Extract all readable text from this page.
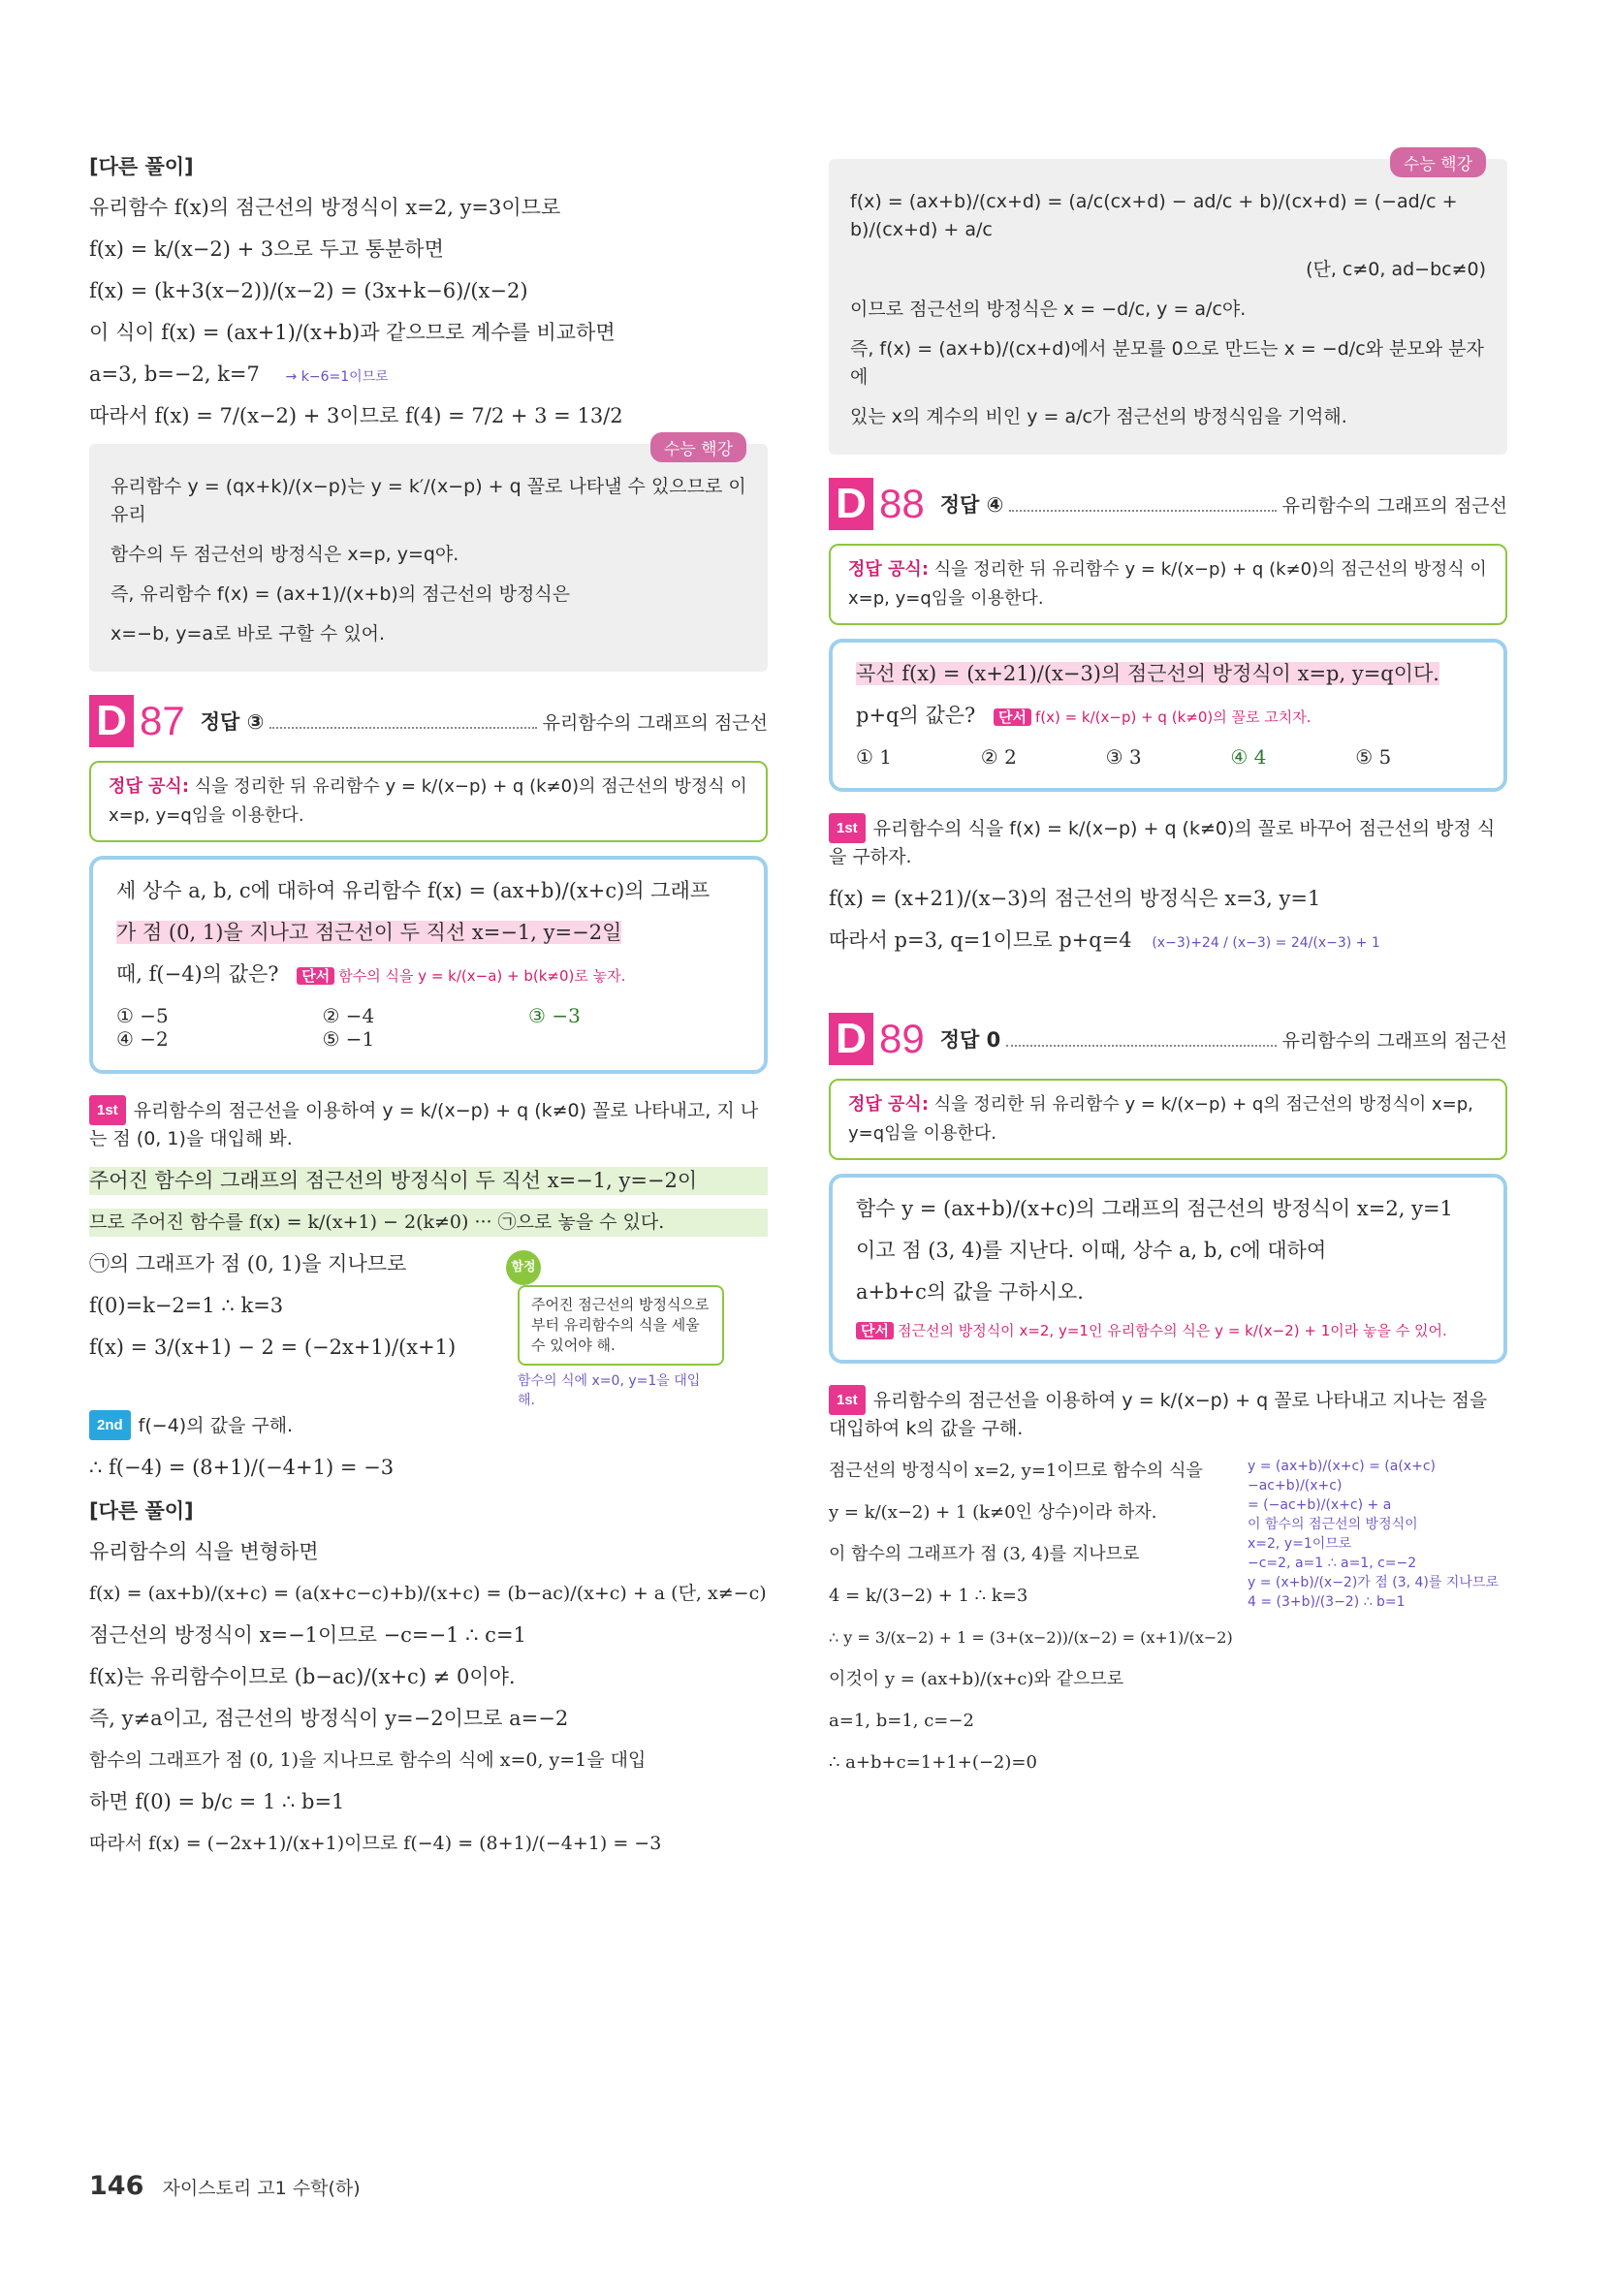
[다른 풀이]
유리함수 f(x)의 점근선의 방정식이 x=2, y=3이므로
f(x) = k/(x−2) + 3으로 두고 통분하면
f(x) = (k+3(x−2))/(x−2) = (3x+k−6)/(x−2)
이 식이 f(x) = (ax+1)/(x+b)과 같으므로 계수를 비교하면
a=3, b=−2, k=7 → k−6=1이므로
따라서 f(x) = 7/(x−2) + 3이므로 f(4) = 7/2 + 3 = 13/2
수능 핵강
유리함수 y = (qx+k)/(x−p)는 y = k′/(x−p) + q 꼴로 나타낼 수 있으므로 이 유리
함수의 두 점근선의 방정식은 x=p, y=q야.
즉, 유리함수 f(x) = (ax+1)/(x+b)의 점근선의 방정식은
x=−b, y=a로 바로 구할 수 있어.
D 87 정답 ③	유리함수의 그래프의 점근선
정답 공식: 식을 정리한 뒤 유리함수 y = k/(x−p) + q (k≠0)의 점근선의 방정식 이 x=p, y=q임을 이용한다.
세 상수 a, b, c에 대하여 유리함수 f(x) = (ax+b)/(x+c)의 그래프
가 점 (0, 1)을 지나고 점근선이 두 직선 x=−1, y=−2일
때, f(−4)의 값은? 단서 함수의 식을 y = k/(x−a) + b(k≠0)로 놓자.
① −5	② −4	③ −3
④ −2	⑤ −1
1st 유리함수의 점근선을 이용하여 y = k/(x−p) + q (k≠0) 꼴로 나타내고, 지 나는 점 (0, 1)을 대입해 봐.
주어진 함수의 그래프의 점근선의 방정식이 두 직선 x=−1, y=−2이
므로 주어진 함수를 f(x) = k/(x+1) − 2(k≠0) ··· ㉠으로 놓을 수 있다.
㉠의 그래프가 점 (0, 1)을 지나므로
f(0)=k−2=1 ∴ k=3
f(x) = 3/(x+1) − 2 = (−2x+1)/(x+1)
함정
주어진 점근선의 방정식으로부터 유리함수의 식을 세울 수 있어야 해.
함수의 식에 x=0, y=1을 대입해.
2nd f(−4)의 값을 구해.
∴ f(−4) = (8+1)/(−4+1) = −3
[다른 풀이]
유리함수의 식을 변형하면
f(x) = (ax+b)/(x+c) = (a(x+c−c)+b)/(x+c) = (b−ac)/(x+c) + a (단, x≠−c)
점근선의 방정식이 x=−1이므로 −c=−1 ∴ c=1
f(x)는 유리함수이므로 (b−ac)/(x+c) ≠ 0이야.
즉, y≠a이고, 점근선의 방정식이 y=−2이므로 a=−2
함수의 그래프가 점 (0, 1)을 지나므로 함수의 식에 x=0, y=1을 대입
하면 f(0) = b/c = 1 ∴ b=1
따라서 f(x) = (−2x+1)/(x+1)이므로 f(−4) = (8+1)/(−4+1) = −3
수능 핵강
f(x) = (ax+b)/(cx+d) = (a/c(cx+d) − ad/c + b)/(cx+d) = (−ad/c + b)/(cx+d) + a/c
(단, c≠0, ad−bc≠0)
이므로 점근선의 방정식은 x = −d/c, y = a/c야.
즉, f(x) = (ax+b)/(cx+d)에서 분모를 0으로 만드는 x = −d/c와 분모와 분자에
있는 x의 계수의 비인 y = a/c가 점근선의 방정식임을 기억해.
D 88 정답 ④	유리함수의 그래프의 점근선
정답 공식: 식을 정리한 뒤 유리함수 y = k/(x−p) + q (k≠0)의 점근선의 방정식 이 x=p, y=q임을 이용한다.
곡선 f(x) = (x+21)/(x−3)의 점근선의 방정식이 x=p, y=q이다.
p+q의 값은? 단서 f(x) = k/(x−p) + q (k≠0)의 꼴로 고치자.
① 1	② 2	③ 3	④ 4	⑤ 5
1st 유리함수의 식을 f(x) = k/(x−p) + q (k≠0)의 꼴로 바꾸어 점근선의 방정 식을 구하자.
f(x) = (x+21)/(x−3)의 점근선의 방정식은 x=3, y=1
따라서 p=3, q=1이므로 p+q=4 (x−3)+24 / (x−3) = 24/(x−3) + 1
D 89 정답 0	유리함수의 그래프의 점근선
정답 공식: 식을 정리한 뒤 유리함수 y = k/(x−p) + q의 점근선의 방정식이 x=p, y=q임을 이용한다.
함수 y = (ax+b)/(x+c)의 그래프의 점근선의 방정식이 x=2, y=1
이고 점 (3, 4)를 지난다. 이때, 상수 a, b, c에 대하여
a+b+c의 값을 구하시오.
단서 점근선의 방정식이 x=2, y=1인 유리함수의 식은 y = k/(x−2) + 1이라 놓을 수 있어.
1st 유리함수의 점근선을 이용하여 y = k/(x−p) + q 꼴로 나타내고 지나는 점을 대입하여 k의 값을 구해.
점근선의 방정식이 x=2, y=1이므로 함수의 식을
y = k/(x−2) + 1 (k≠0인 상수)이라 하자.
이 함수의 그래프가 점 (3, 4)를 지나므로
4 = k/(3−2) + 1 ∴ k=3
∴ y = 3/(x−2) + 1 = (3+(x−2))/(x−2) = (x+1)/(x−2)
이것이 y = (ax+b)/(x+c)와 같으므로
a=1, b=1, c=−2
∴ a+b+c=1+1+(−2)=0
y = (ax+b)/(x+c) = (a(x+c)−ac+b)/(x+c)
= (−ac+b)/(x+c) + a
이 함수의 점근선의 방정식이
x=2, y=1이므로
−c=2, a=1 ∴ a=1, c=−2
y = (x+b)/(x−2)가 점 (3, 4)를 지나므로
4 = (3+b)/(3−2) ∴ b=1
146 자이스토리 고1 수학(하)
